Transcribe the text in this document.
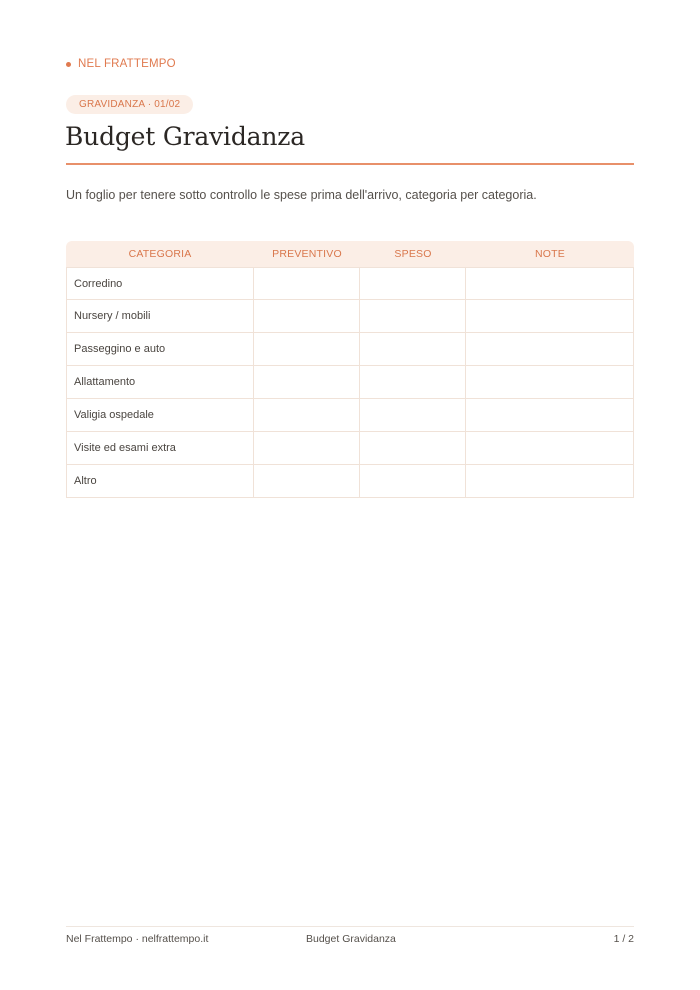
NEL FRATTEMPO
GRAVIDANZA · 01/02
Budget Gravidanza

Un foglio per tenere sotto controllo le spese prima dell'arrivo, categoria per categoria.

CATEGORIA	PREVENTIVO	SPESO	NOTE
Corredino			
Nursery / mobili			
Passeggino e auto			
Allattamento			
Valigia ospedale			
Visite ed esami extra			
Altro			
Nel Frattempo · nelfrattempo.it	Budget Gravidanza	1 / 2
